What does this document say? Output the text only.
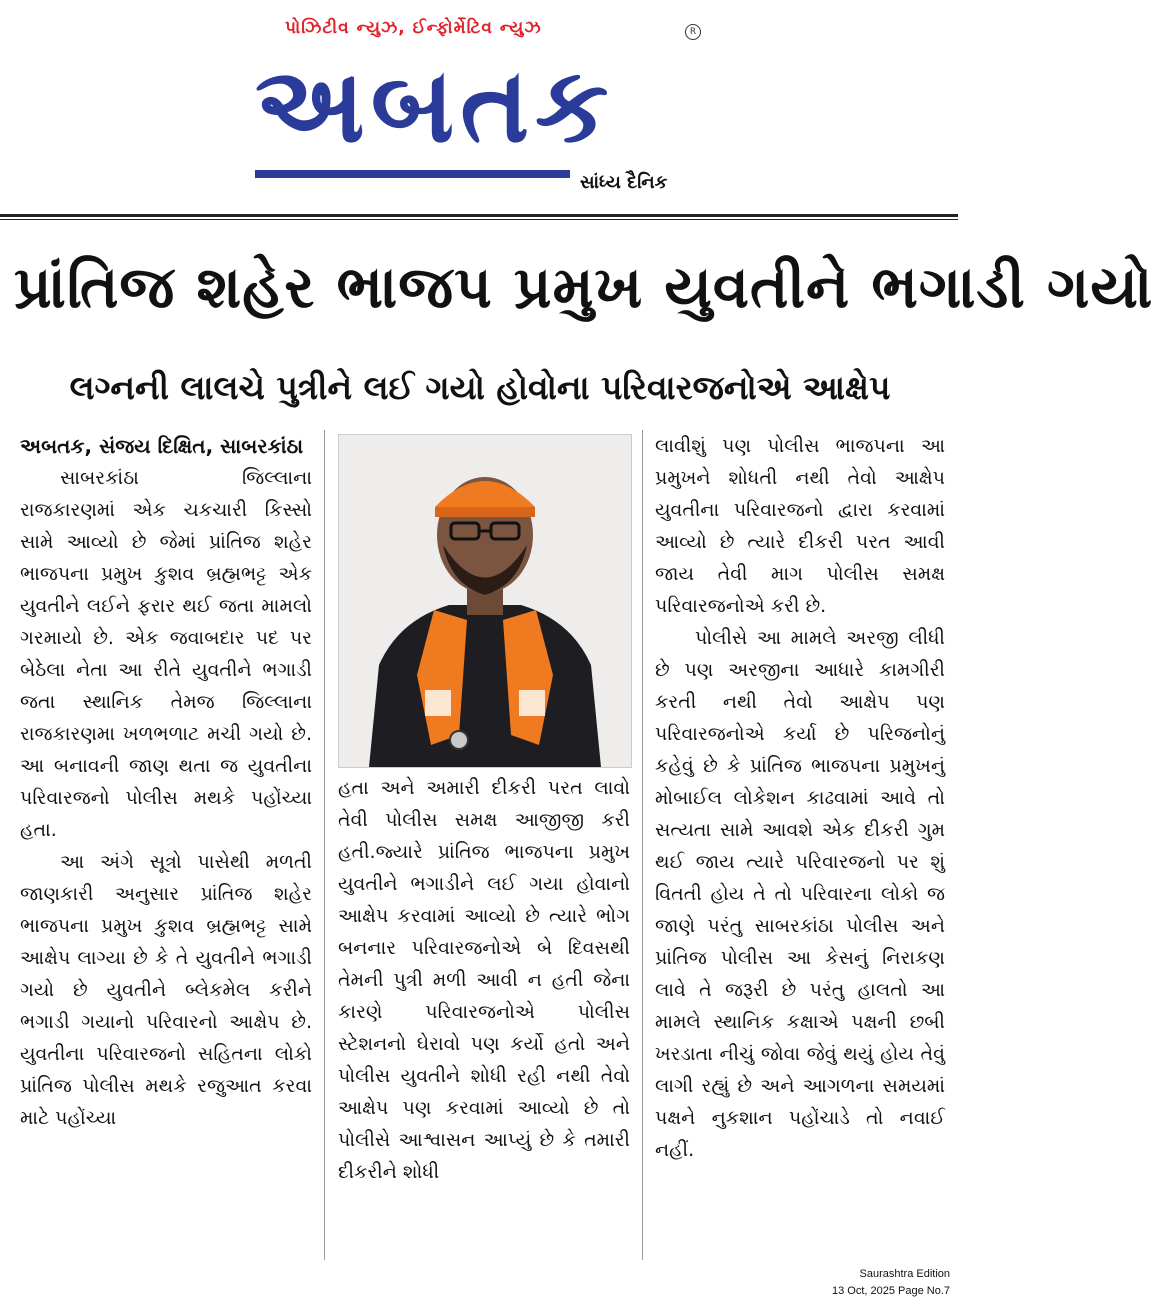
પોઝિટીવ ન્યુઝ, ઈન્ફોર્મેટિવ ન્યુઝ	R
અબતક
સાંધ્ય દૈનિક
પ્રાંતિજ શહેર ભાજપ પ્રમુખ યુવતીને ભગાડી ગયો
લગ્નની લાલચે પુત્રીને લઈ ગયો હોવોના પરિવારજનોએ આક્ષેપ

અબતક, સંજય દિક્ષિત, સાબરકાંઠા

સાબરકાંઠા જિલ્લાના રાજકારણમાં એક ચકચારી કિસ્સો સામે આવ્યો છે જેમાં પ્રાંતિજ શહેર ભાજપના પ્રમુખ કુશવ બ્રહ્મભટ્ટ એક યુવતીને લઈને ફરાર થઈ જતા મામલો ગરમાયો છે. એક જવાબદાર પદ પર બેઠેલા નેતા આ રીતે યુવતીને ભગાડી જતા સ્થાનિક તેમજ જિલ્લાના રાજકારણમા ખળભળાટ મચી ગયો છે. આ બનાવની જાણ થતા જ યુવતીના પરિવારજનો પોલીસ મથકે પહોંચ્યા હતા.

આ અંગે સૂત્રો પાસેથી મળતી જાણકારી અનુસાર પ્રાંતિજ શહેર ભાજપના પ્રમુખ કુશવ બ્રહ્મભટ્ટ સામે આક્ષેપ લાગ્યા છે કે તે યુવતીને ભગાડી ગયો છે યુવતીને બ્લેકમેલ કરીને ભગાડી ગયાનો પરિવારનો આક્ષેપ છે. યુવતીના પરિવારજનો સહિતના લોકો પ્રાંતિજ પોલીસ મથકે રજુઆત કરવા માટે પહોંચ્યા

હતા અને અમારી દીકરી પરત લાવો તેવી પોલીસ સમક્ષ આજીજી કરી હતી.જ્યારે પ્રાંતિજ ભાજપના પ્રમુખ યુવતીને ભગાડીને લઈ ગયા હોવાનો આક્ષેપ કરવામાં આવ્યો છે ત્યારે ભોગ બનનાર પરિવારજનોએ બે દિવસથી તેમની પુત્રી મળી આવી ન હતી જેના કારણે પરિવારજનોએ પોલીસ સ્ટેશનનો ઘેરાવો પણ કર્યો હતો અને પોલીસ યુવતીને શોધી રહી નથી તેવો આક્ષેપ પણ કરવામાં આવ્યો છે તો પોલીસે આશ્વાસન આપ્યું છે કે તમારી દીકરીને શોધી

લાવીશું પણ પોલીસ ભાજપના આ પ્રમુખને શોધતી નથી તેવો આક્ષેપ યુવતીના પરિવારજનો દ્વારા કરવામાં આવ્યો છે ત્યારે દીકરી પરત આવી જાય તેવી માગ પોલીસ સમક્ષ પરિવારજનોએ કરી છે.

પોલીસે આ મામલે અરજી લીધી છે પણ અરજીના આધારે કામગીરી કરતી નથી તેવો આક્ષેપ પણ પરિવારજનોએ કર્યા છે પરિજનોનું કહેવું છે કે પ્રાંતિજ ભાજપના પ્રમુખનું મોબાઈલ લોકેશન કાઢવામાં આવે તો સત્યતા સામે આવશે એક દીકરી ગુમ થઈ જાય ત્યારે પરિવારજનો પર શું વિતતી હોય તે તો પરિવારના લોકો જ જાણે પરંતુ સાબરકાંઠા પોલીસ અને પ્રાંતિજ પોલીસ આ કેસનું નિરાકણ લાવે તે જરૂરી છે પરંતુ હાલતો આ મામલે સ્થાનિક કક્ષાએ પક્ષની છબી ખરડાતા નીચું જોવા જેવું થયું હોય તેવું લાગી રહ્યું છે અને આગળના સમયમાં પક્ષને નુકશાન પહોંચાડે તો નવાઈ નહીં.

Saurashtra Edition
13 Oct, 2025 Page No.7
